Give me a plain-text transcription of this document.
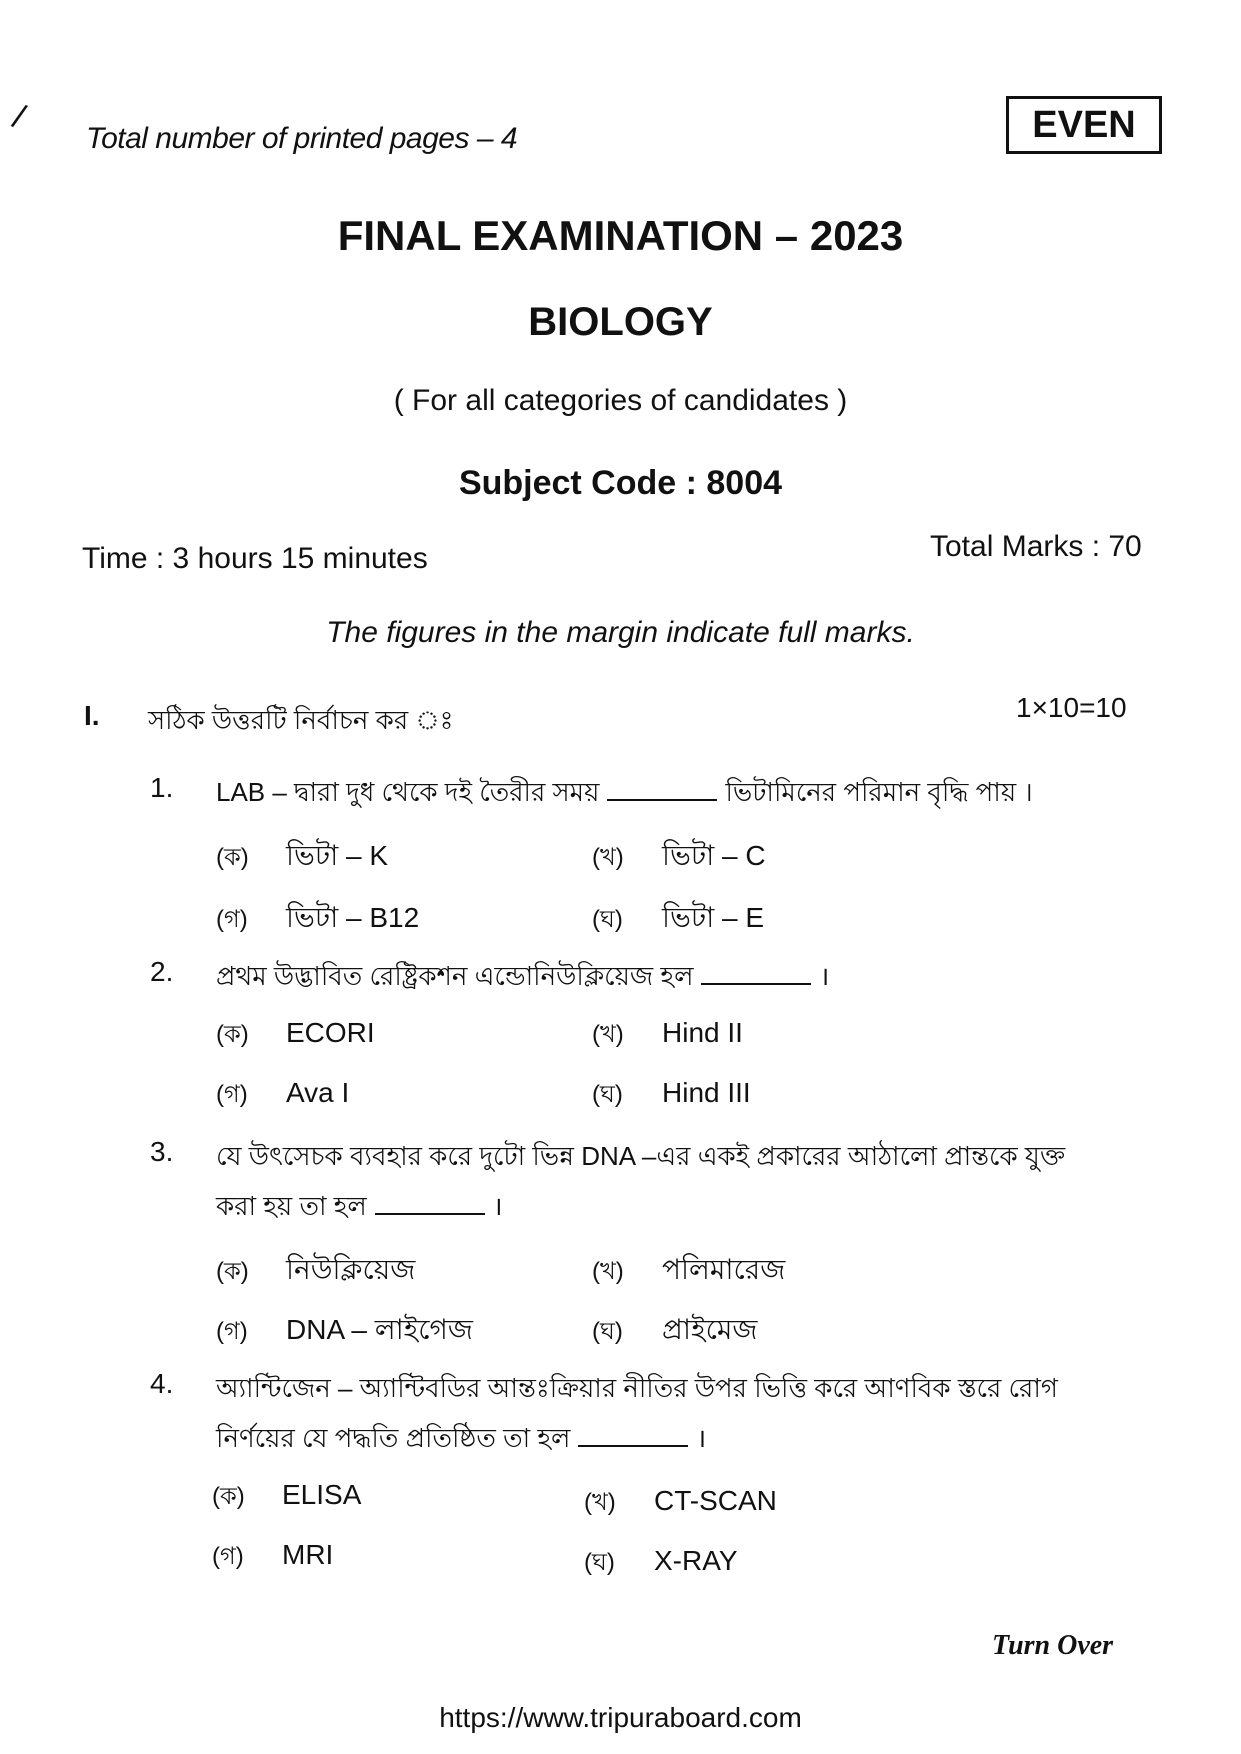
/
Total number of printed pages – 4	EVEN
FINAL EXAMINATION – 2023
BIOLOGY
( For all categories of candidates )
Subject Code : 8004
Time : 3 hours 15 minutes	Total Marks : 70
The figures in the margin indicate full marks.
I. সঠিক উত্তরটি নির্বাচন কর ঃ	1×10=10
1. LAB – দ্বারা দুধ থেকে দই তৈরীর সময়	ভিটামিনের পরিমান বৃদ্ধি পায় ।
(ক) ভিটা – K	(খ) ভিটা – C
(গ) ভিটা – B12	(ঘ) ভিটা – E
2. প্রথম উদ্ভাবিত রেষ্ট্রিকশন এন্ডোনিউক্লিয়েজ হল	।
(ক) ECORI	(খ) Hind II
(গ) Ava I	(ঘ) Hind III
3. যে উৎসেচক ব্যবহার করে দুটো ভিন্ন DNA –এর একই প্রকারের আঠালো প্রান্তকে যুক্ত
করা হয় তা হল	।
(ক) নিউক্লিয়েজ	(খ) পলিমারেজ
(গ) DNA – লাইগেজ	(ঘ) প্রাইমেজ
4. অ্যান্টিজেন – অ্যান্টিবডির আন্তঃক্রিয়ার নীতির উপর ভিত্তি করে আণবিক স্তরে রোগ
নির্ণয়ের যে পদ্ধতি প্রতিষ্ঠিত তা হল	।
(ক) ELISA	(খ) CT-SCAN
(গ) MRI	(ঘ) X-RAY
Turn Over
https://www.tripuraboard.com
